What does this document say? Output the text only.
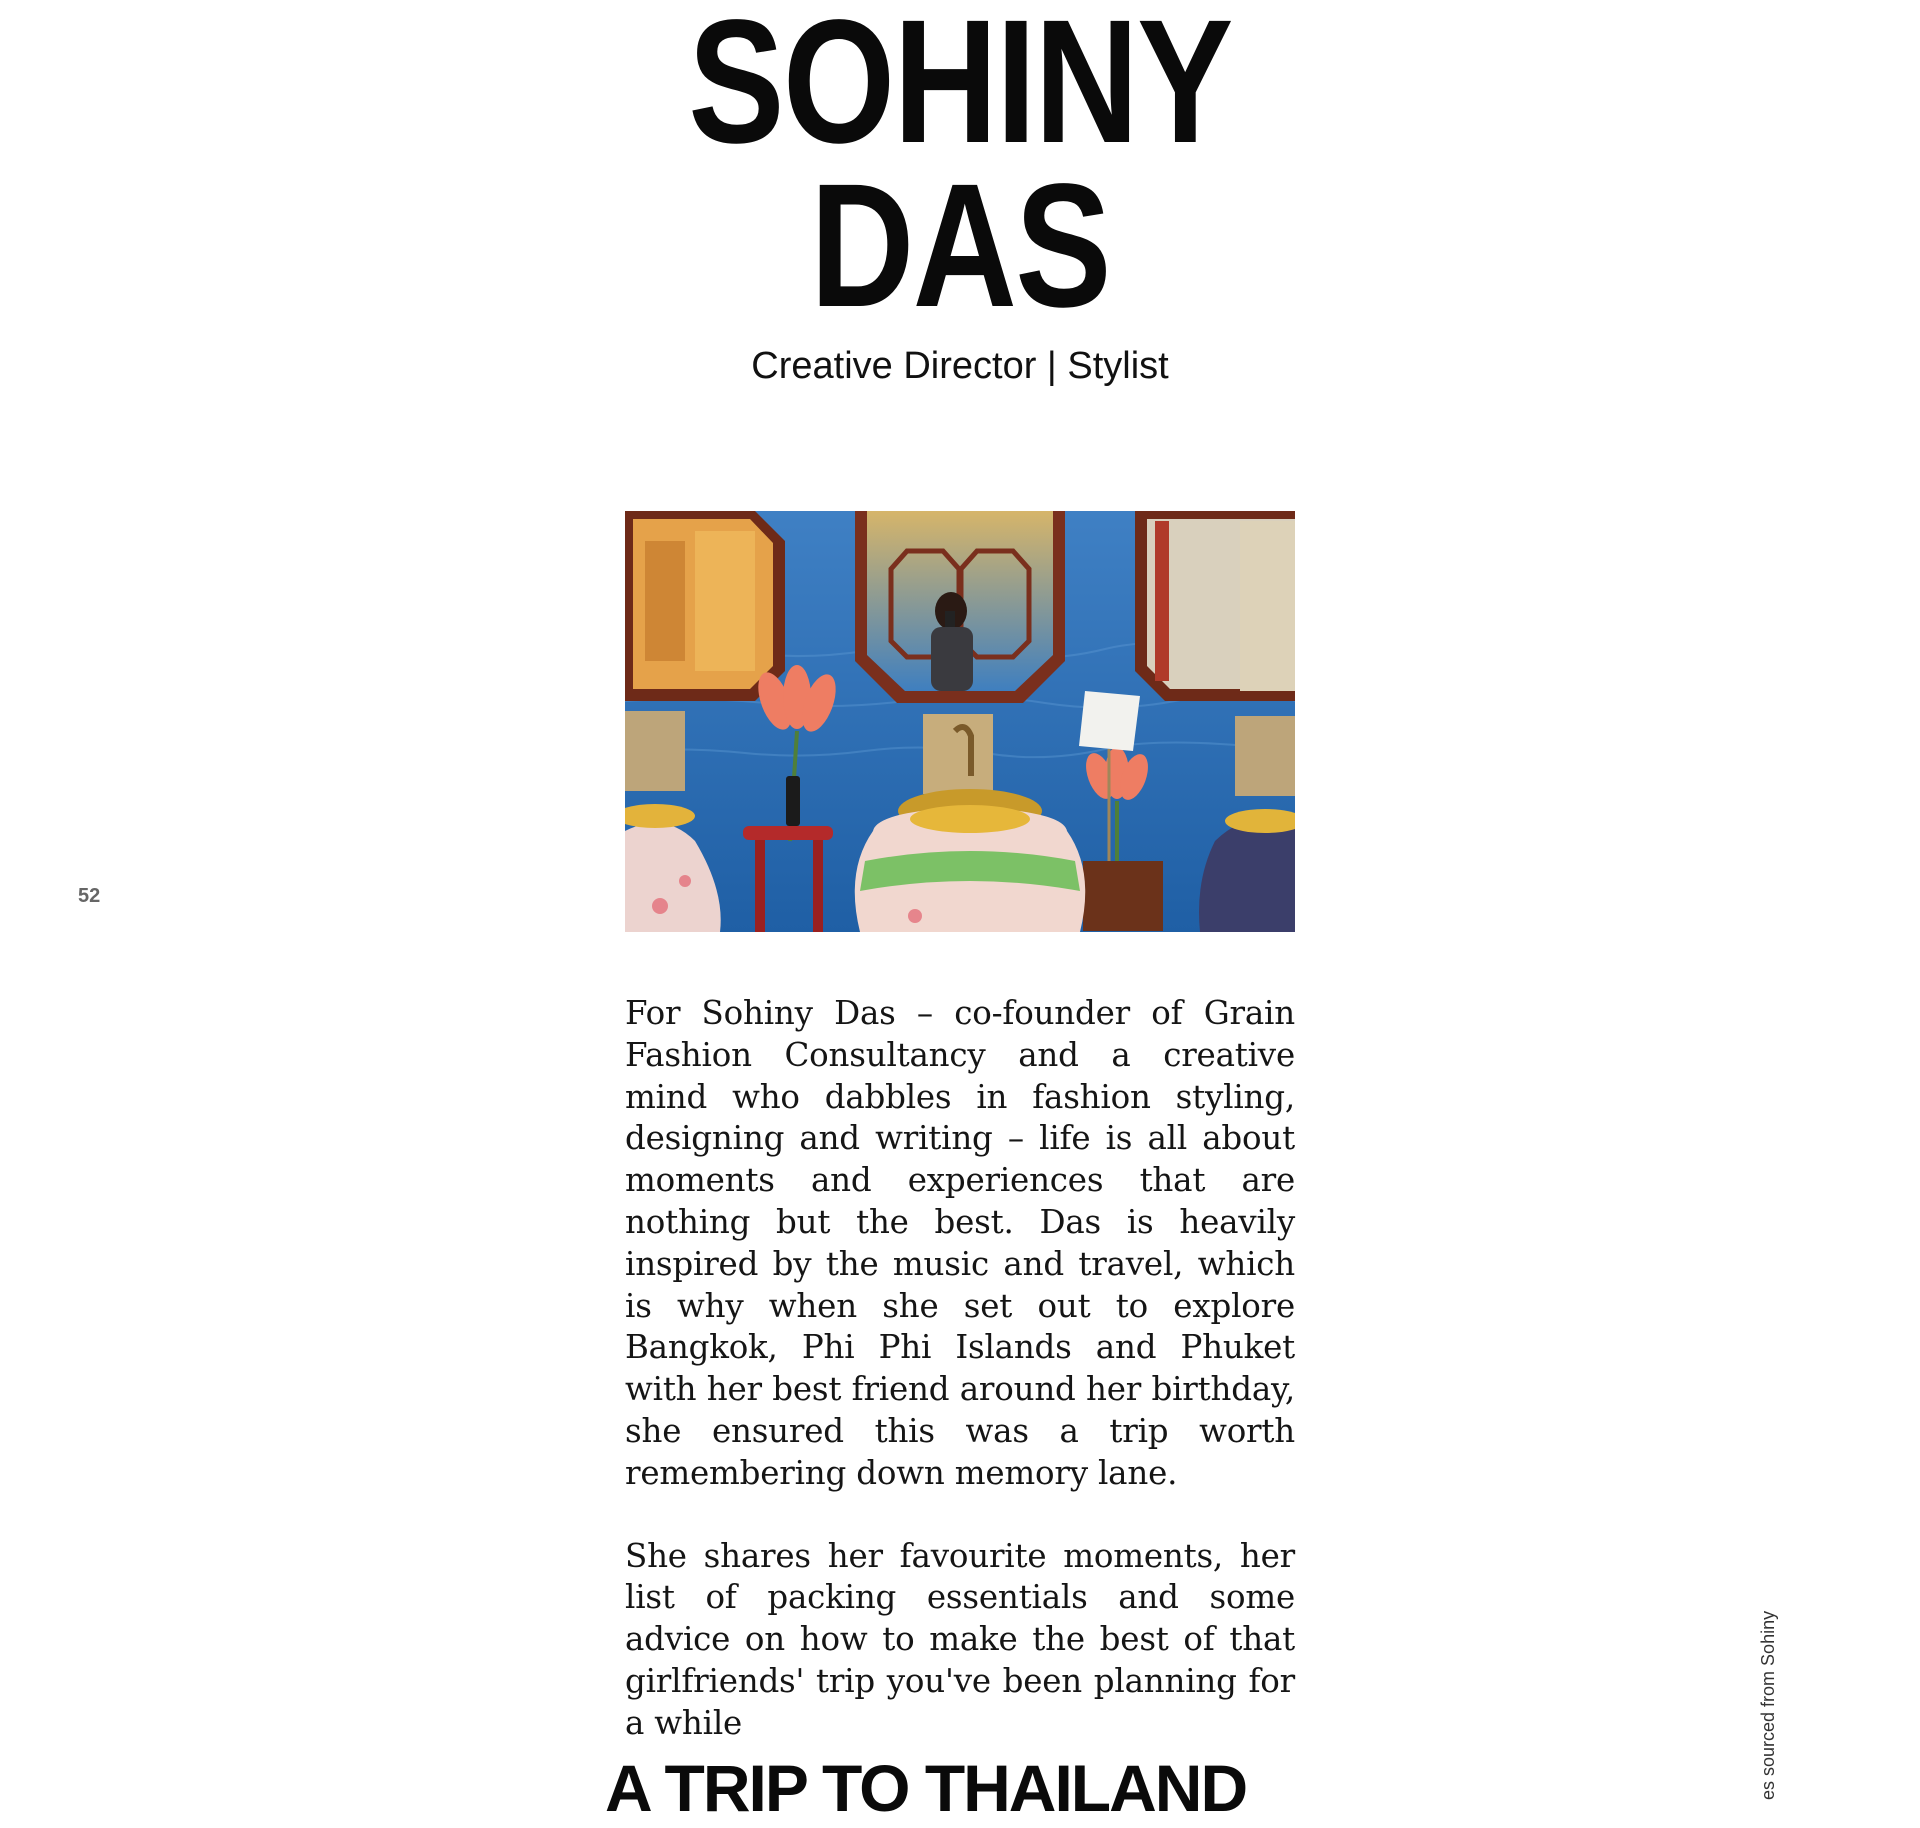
SOHINY
DAS

Creative Director | Stylist

52

For Sohiny Das – co-founder of Grain Fashion Consultancy and a creative mind who dabbles in fashion styling, designing and writing – life is all about moments and experiences that are nothing but the best. Das is heavily inspired by the music and travel, which is why when she set out to explore Bangkok, Phi Phi Islands and Phuket with her best friend around her birthday, she ensured this was a trip worth remembering down memory lane.

She shares her favourite moments, her list of packing essentials and some advice on how to make the best of that girlfriends' trip you've been planning for a while

A TRIP TO THAILAND	es sourced from Sohiny
